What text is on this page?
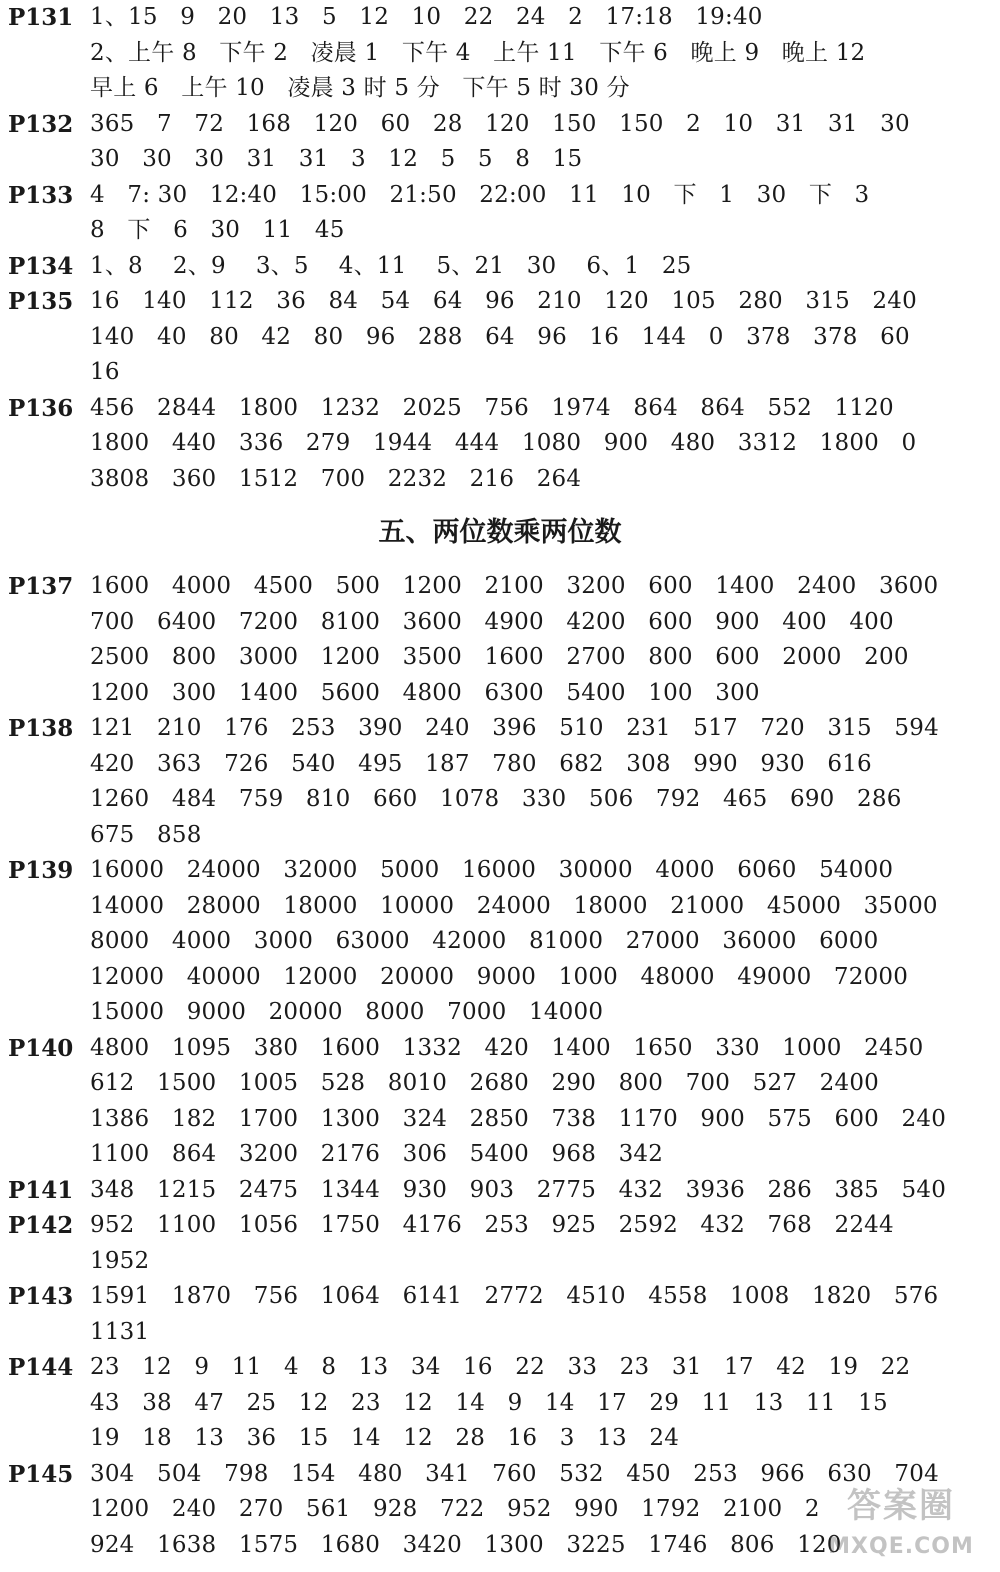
P131 1、15   9   20   13   5   12   10   22   24   2   17:18   19:40
2、上午 8   下午 2   凌晨 1   下午 4   上午 11   下午 6   晚上 9   晚上 12
早上 6   上午 10   凌晨 3 时 5 分   下午 5 时 30 分
P132 365   7   72   168   120   60   28   120   150   150   2   10   31   31   30
30   30   30   31   31   3   12   5   5   8   15
P133 4   7: 30   12:40   15:00   21:50   22:00   11   10   下   1   30   下   3
8   下   6   30   11   45
P134 1、8    2、9    3、5    4、11    5、21   30    6、1   25
P135 16   140   112   36   84   54   64   96   210   120   105   280   315   240
140   40   80   42   80   96   288   64   96   16   144   0   378   378   60
16
P136 456   2844   1800   1232   2025   756   1974   864   864   552   1120
1800   440   336   279   1944   444   1080   900   480   3312   1800   0
3808   360   1512   700   2232   216   264
五、两位数乘两位数
P137 1600   4000   4500   500   1200   2100   3200   600   1400   2400   3600
700   6400   7200   8100   3600   4900   4200   600   900   400   400
2500   800   3000   1200   3500   1600   2700   800   600   2000   200
1200   300   1400   5600   4800   6300   5400   100   300
P138 121   210   176   253   390   240   396   510   231   517   720   315   594
420   363   726   540   495   187   780   682   308   990   930   616
1260   484   759   810   660   1078   330   506   792   465   690   286
675   858
P139 16000   24000   32000   5000   16000   30000   4000   6060   54000
14000   28000   18000   10000   24000   18000   21000   45000   35000
8000   4000   3000   63000   42000   81000   27000   36000   6000
12000   40000   12000   20000   9000   1000   48000   49000   72000
15000   9000   20000   8000   7000   14000
P140 4800   1095   380   1600   1332   420   1400   1650   330   1000   2450
612   1500   1005   528   8010   2680   290   800   700   527   2400
1386   182   1700   1300   324   2850   738   1170   900   575   600   240
1100   864   3200   2176   306   5400   968   342
P141 348   1215   2475   1344   930   903   2775   432   3936   286   385   540
P142 952   1100   1056   1750   4176   253   925   2592   432   768   2244
1952
P143 1591   1870   756   1064   6141   2772   4510   4558   1008   1820   576
1131
P144 23   12   9   11   4   8   13   34   16   22   33   23   31   17   42   19   22
43   38   47   25   12   23   12   14   9   14   17   29   11   13   11   15
19   18   13   36   15   14   12   28   16   3   13   24
P145 304   504   798   154   480   341   760   532   450   253   966   630   704
1200   240   270   561   928   722   952   990   1792   2100   2
924   1638   1575   1680   3420   1300   3225   1746   806   120
答案圈
MXQE.COM
